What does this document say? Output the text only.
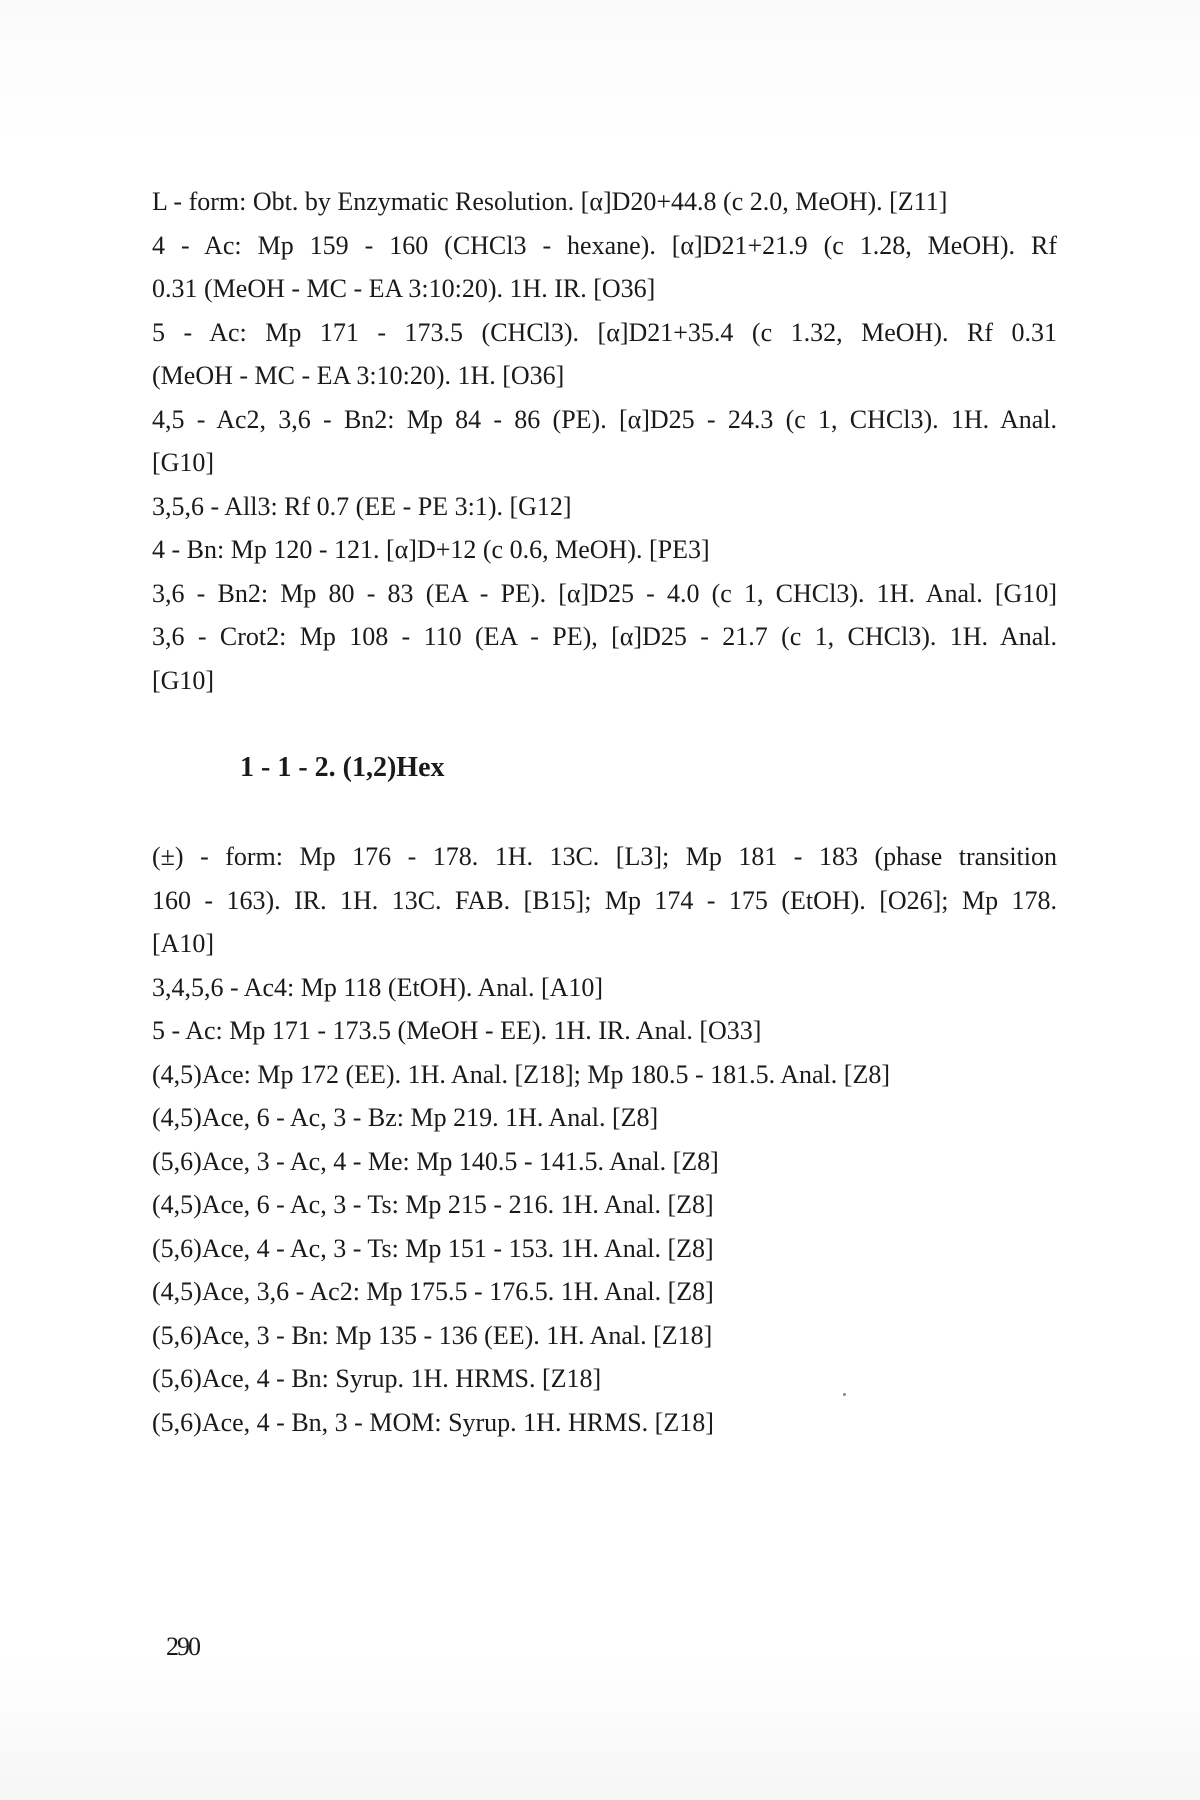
L - form: Obt. by Enzymatic Resolution. [α]D20+44.8 (c 2.0, MeOH). [Z11]
4 - Ac: Mp 159 - 160 (CHCl3 - hexane). [α]D21+21.9 (c 1.28, MeOH). Rf
0.31 (MeOH - MC - EA 3:10:20). 1H. IR. [O36]
5 - Ac: Mp 171 - 173.5 (CHCl3). [α]D21+35.4 (c 1.32, MeOH). Rf 0.31
(MeOH - MC - EA 3:10:20). 1H. [O36]
4,5 - Ac2, 3,6 - Bn2: Mp 84 - 86 (PE). [α]D25 - 24.3 (c 1, CHCl3). 1H. Anal.
[G10]
3,5,6 - All3: Rf 0.7 (EE - PE 3:1). [G12]
4 - Bn: Mp 120 - 121. [α]D+12 (c 0.6, MeOH). [PE3]
3,6 - Bn2: Mp 80 - 83 (EA - PE). [α]D25 - 4.0 (c 1, CHCl3). 1H. Anal. [G10]
3,6 - Crot2: Mp 108 - 110 (EA - PE), [α]D25 - 21.7 (c 1, CHCl3). 1H. Anal.
[G10]
1 - 1 - 2. (1,2)Hex
(±) - form: Mp 176 - 178. 1H. 13C. [L3]; Mp 181 - 183 (phase transition
160 - 163). IR. 1H. 13C. FAB. [B15]; Mp 174 - 175 (EtOH). [O26]; Mp 178.
[A10]
3,4,5,6 - Ac4: Mp 118 (EtOH). Anal. [A10]
5 - Ac: Mp 171 - 173.5 (MeOH - EE). 1H. IR. Anal. [O33]
(4,5)Ace: Mp 172 (EE). 1H. Anal. [Z18]; Mp 180.5 - 181.5. Anal. [Z8]
(4,5)Ace, 6 - Ac, 3 - Bz: Mp 219. 1H. Anal. [Z8]
(5,6)Ace, 3 - Ac, 4 - Me: Mp 140.5 - 141.5. Anal. [Z8]
(4,5)Ace, 6 - Ac, 3 - Ts: Mp 215 - 216. 1H. Anal. [Z8]
(5,6)Ace, 4 - Ac, 3 - Ts: Mp 151 - 153. 1H. Anal. [Z8]
(4,5)Ace, 3,6 - Ac2: Mp 175.5 - 176.5. 1H. Anal. [Z8]
(5,6)Ace, 3 - Bn: Mp 135 - 136 (EE). 1H. Anal. [Z18]
(5,6)Ace, 4 - Bn: Syrup. 1H. HRMS. [Z18]
(5,6)Ace, 4 - Bn, 3 - MOM: Syrup. 1H. HRMS. [Z18]
290
